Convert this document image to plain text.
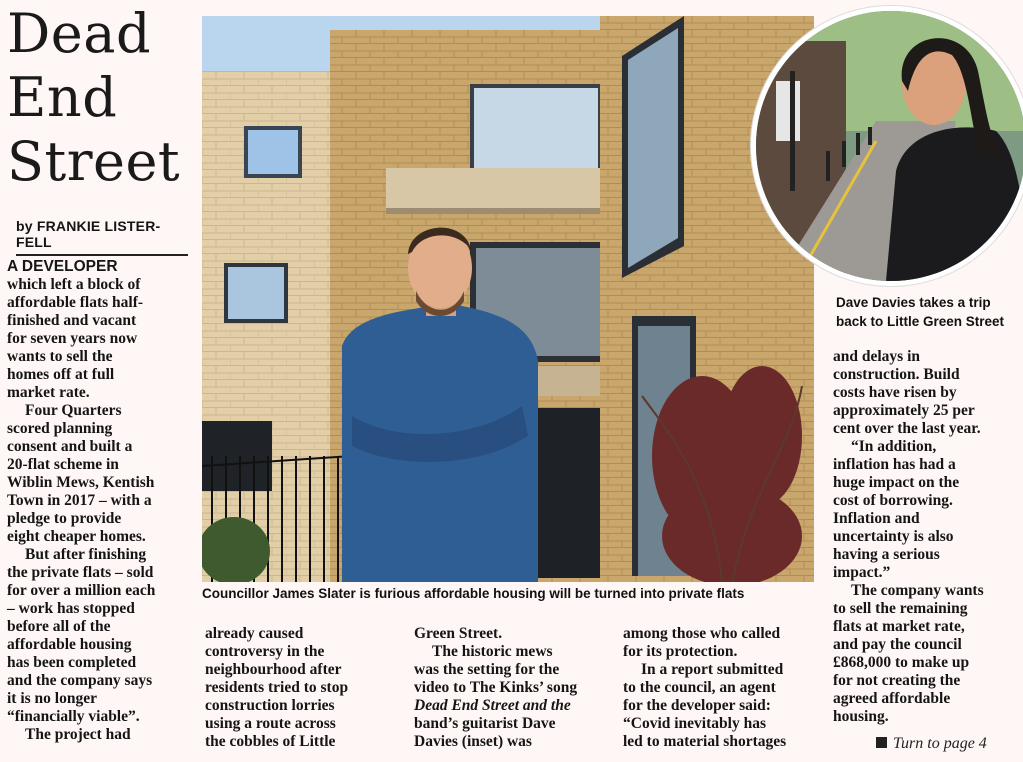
Dead
End
Street
by FRANKIE LISTER-FELL
A DEVELOPER
which left a block of
affordable flats half-
finished and vacant
for seven years now
wants to sell the
homes off at full
market rate.
Four Quarters
scored planning
consent and built a
20-flat scheme in
Wiblin Mews, Kentish
Town in 2017 – with a
pledge to provide
eight cheaper homes.
But after finishing
the private flats – sold
for over a million each
– work has stopped
before all of the
affordable housing
has been completed
and the company says
it is no longer
“financially viable”.
The project had
Dave Davies takes a trip
back to Little Green Street
Councillor James Slater is furious affordable housing will be turned into private flats
already caused
controversy in the
neighbourhood after
residents tried to stop
construction lorries
using a route across
the cobbles of Little
Green Street.
The historic mews
was the setting for the
video to The Kinks’ song
Dead End Street and the
band’s guitarist Dave
Davies (inset) was
among those who called
for its protection.
In a report submitted
to the council, an agent
for the developer said:
“Covid inevitably has
led to material shortages
and delays in
construction. Build
costs have risen by
approximately 25 per
cent over the last year.
“In addition,
inflation has had a
huge impact on the
cost of borrowing.
Inflation and
uncertainty is also
having a serious
impact.”
The company wants
to sell the remaining
flats at market rate,
and pay the council
£868,000 to make up
for not creating the
agreed affordable
housing.
Turn to page 4
